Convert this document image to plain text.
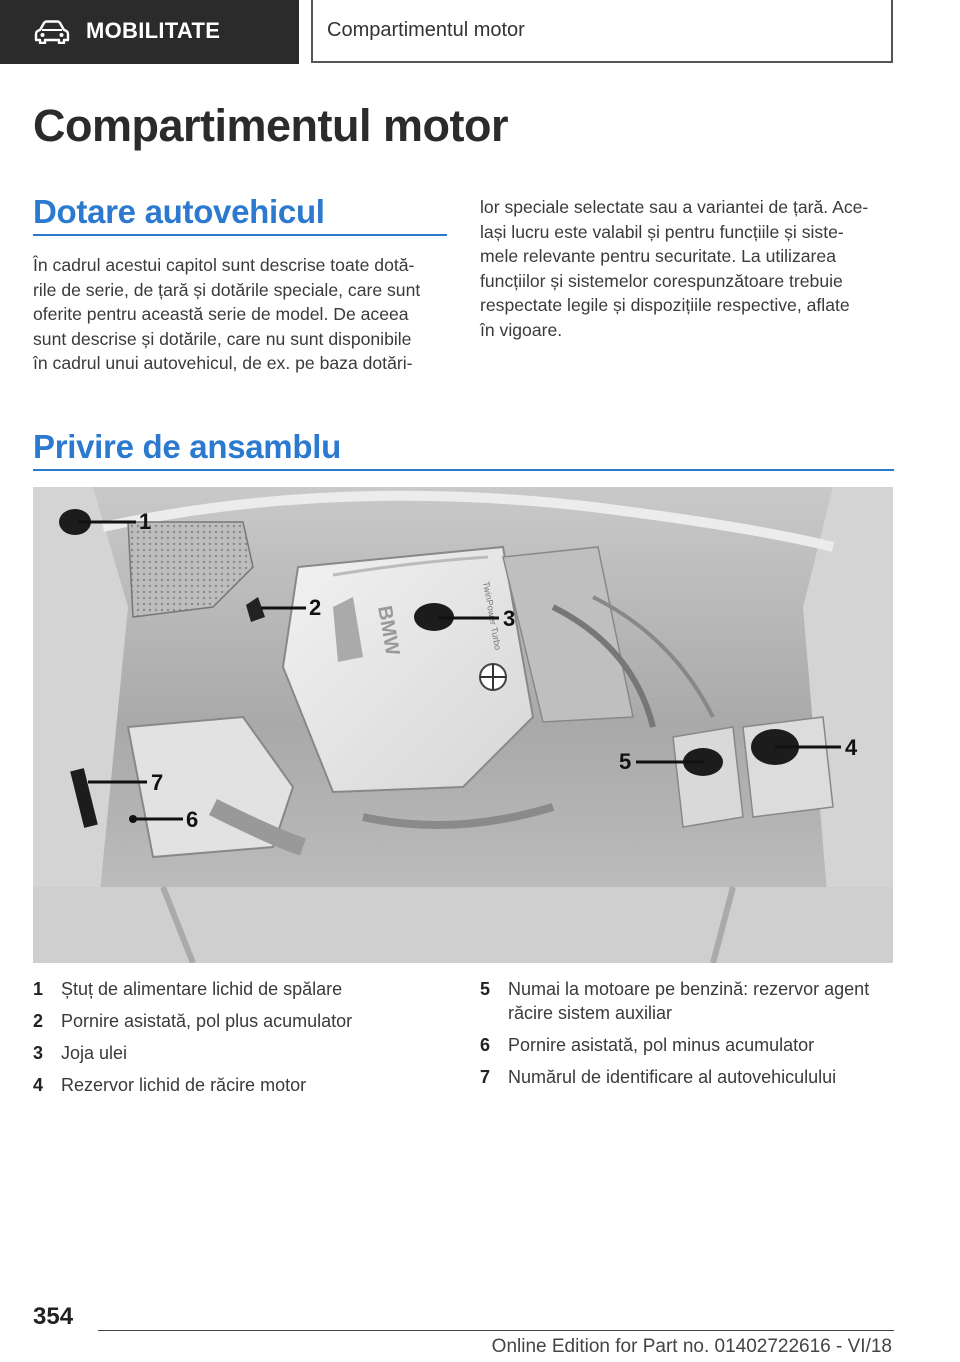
MOBILITATE	Compartimentul motor
Compartimentul motor
Dotare autovehicul

În cadrul acestui capitol sunt descrise toate dotă-
rile de serie, de țară și dotările speciale, care sunt
oferite pentru această serie de model. De aceea
sunt descrise și dotările, care nu sunt disponibile
în cadrul unui autovehicul, de ex. pe baza dotări-

lor speciale selectate sau a variantei de țară. Ace-
lași lucru este valabil și pentru funcțiile și siste-
mele relevante pentru securitate. La utilizarea
funcțiilor și sistemelor corespunzătoare trebuie
respectate legile și dispozițiile respective, aflate
în vigoare.

Privire de ansamblu
BMW	TwinPower Turbo
1
2	3
4
5
6
7
1 Ștuț de alimentare lichid de spălare
2 Pornire asistată, pol plus acumulator
3 Joja ulei
4 Rezervor lichid de răcire motor
5 Numai la motoare pe benzină: rezervor agent
răcire sistem auxiliar
6 Pornire asistată, pol minus acumulator
7 Numărul de identificare al autovehiculului
354
Online Edition for Part no. 01402722616 - VI/18
